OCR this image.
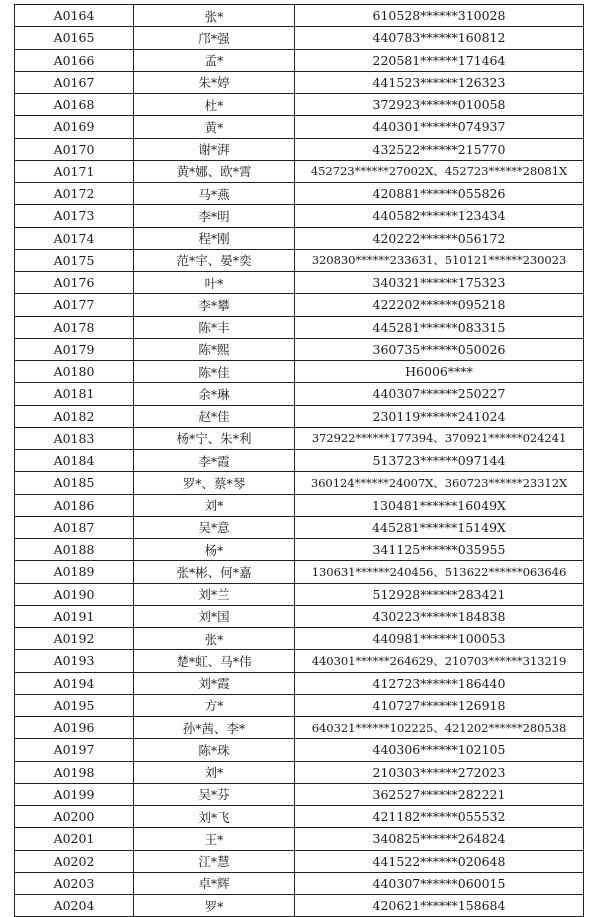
A0164	张*	610528******310028
A0165	邝*强	440783******160812
A0166	孟*	220581******171464
A0167	朱*婷	441523******126323
A0168	杜*	372923******010058
A0169	黄*	440301******074937
A0170	谢*湃	432522******215770
A0171	黄*娜、欧*霄	452723******27002X、452723******28081X
A0172	马*燕	420881******055826
A0173	李*明	440582******123434
A0174	程*刚	420222******056172
A0175	范*宇、晏*奕	320830******233631、510121******230023
A0176	叶*	340321******175323
A0177	李*攀	422202******095218
A0178	陈*丰	445281******083315
A0179	陈*熙	360735******050026
A0180	陈*佳	H6006****
A0181	余*琳	440307******250227
A0182	赵*佳	230119******241024
A0183	杨*宁、朱*利	372922******177394、370921******024241
A0184	李*霞	513723******097144
A0185	罗*、蔡*琴	360124******24007X、360723******23312X
A0186	刘*	130481******16049X
A0187	吴*意	445281******15149X
A0188	杨*	341125******035955
A0189	张*彬、何*嘉	130631******240456、513622******063646
A0190	刘*兰	512928******283421
A0191	刘*国	430223******184838
A0192	张*	440981******100053
A0193	楚*虹、马*伟	440301******264629、210703******313219
A0194	刘*霞	412723******186440
A0195	方*	410727******126918
A0196	孙*茜、李*	640321******102225、421202******280538
A0197	陈*珠	440306******102105
A0198	刘*	210303******272023
A0199	吴*芬	362527******282221
A0200	刘*飞	421182******055532
A0201	王*	340825******264824
A0202	江*慧	441522******020648
A0203	卓*辉	440307******060015
A0204	罗*	420621******158684
